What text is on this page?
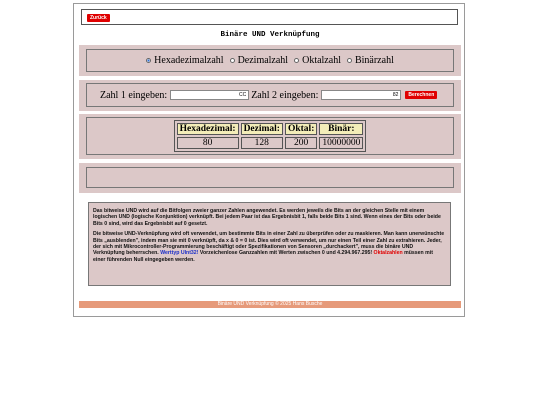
Zurück
Binäre UND Verknüpfung
Hexadezimalzahl Dezimalzahl Oktalzahl Binärzahl
Zahl 1 eingeben:	CC Zahl 2 eingeben:	82	Berechnen
Hexadezimal:	Dezimal:	Oktal:	Binär:
80	128	200	10000000

Das bitweise UND wird auf die Bitfolgen zweier ganzer Zahlen angewendet. Es werden jeweils die Bits an der gleichen Stelle mit einem logischen UND (logische Konjunktion) verknüpft. Bei jedem Paar ist das Ergebnisbit 1, falls beide Bits 1 sind. Wenn eines der Bits oder beide Bits 0 sind, wird das Ergebnisbit auf 0 gesetzt.

Die bitweise UND-Verknüpfung wird oft verwendet, um bestimmte Bits in einer Zahl zu überprüfen oder zu maskieren. Man kann unerwünschte Bits „ausblenden", indem man sie mit 0 verknüpft, da x & 0 = 0 ist. Dies wird oft verwendet, um nur einen Teil einer Zahl zu extrahieren. Jeder, der sich mit Mikrocontroller-Programmierung beschäftigt oder Spezifikationen von Sensoren „durchackert", muss die binäre UND Verknüpfung beherrschen. Werttyp UInt32! Vorzeichenlose Ganzzahlen mit Werten zwischen 0 und 4.294.967.295! Oktalzahlen müssen mit einer führenden Null eingegeben werden.

Binäre UND Verknüpfung © 2025 Hans Busche
